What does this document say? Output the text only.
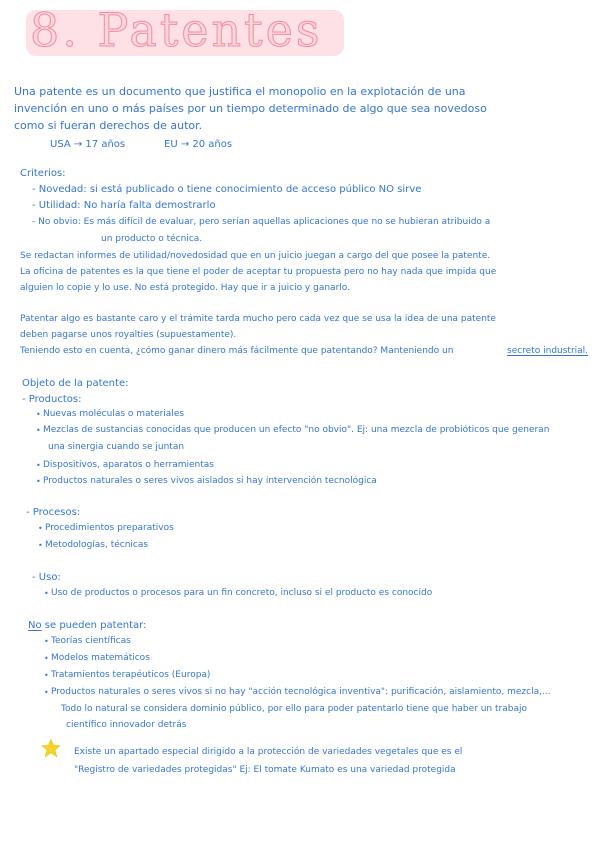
8. Patentes
Una patente es un documento que justifica el monopolio en la explotación de una
invención en uno o más países por un tiempo determinado de algo que sea novedoso
como si fueran derechos de autor.
USA → 17 años	EU → 20 años
Criterios:
- Novedad: si está publicado o tiene conocimiento de acceso público NO sirve
- Utilidad: No haría falta demostrarlo
- No obvio: Es más difícil de evaluar, pero serían aquellas aplicaciones que no se hubieran atribuido a
un producto o técnica.
Se redactan informes de utilidad/novedosidad que en un juicio juegan a cargo del que posee la patente.
La oficina de patentes es la que tiene el poder de aceptar tu propuesta pero no hay nada que impida que
alguien lo copie y lo use. No está protegido. Hay que ir a juicio y ganarlo.
Patentar algo es bastante caro y el trámite tarda mucho pero cada vez que se usa la idea de una patente
deben pagarse unos royalties (supuestamente).
Teniendo esto en cuenta, ¿cómo ganar dinero más fácilmente que patentando? Manteniendo un	secreto industrial.
Objeto de la patente:
- Productos:
• Nuevas moléculas o materiales
• Mezclas de sustancias conocidas que producen un efecto "no obvio". Ej: una mezcla de probióticos que generan
una sinergia cuando se juntan
• Dispositivos, aparatos o herramientas
• Productos naturales o seres vivos aislados si hay intervención tecnológica
- Procesos:
• Procedimientos preparativos
• Metodologías, técnicas
- Uso:
• Uso de productos o procesos para un fin concreto, incluso si el producto es conocido
No se pueden patentar:
• Teorías científicas
• Modelos matemáticos
• Tratamientos terapéuticos (Europa)
• Productos naturales o seres vivos si no hay "acción tecnológica inventiva": purificación, aislamiento, mezcla,...
Todo lo natural se considera dominio público, por ello para poder patentarlo tiene que haber un trabajo
científico innovador detrás
Existe un apartado especial dirigido a la protección de variedades vegetales que es el
"Registro de variedades protegidas" Ej: El tomate Kumato es una variedad protegida
